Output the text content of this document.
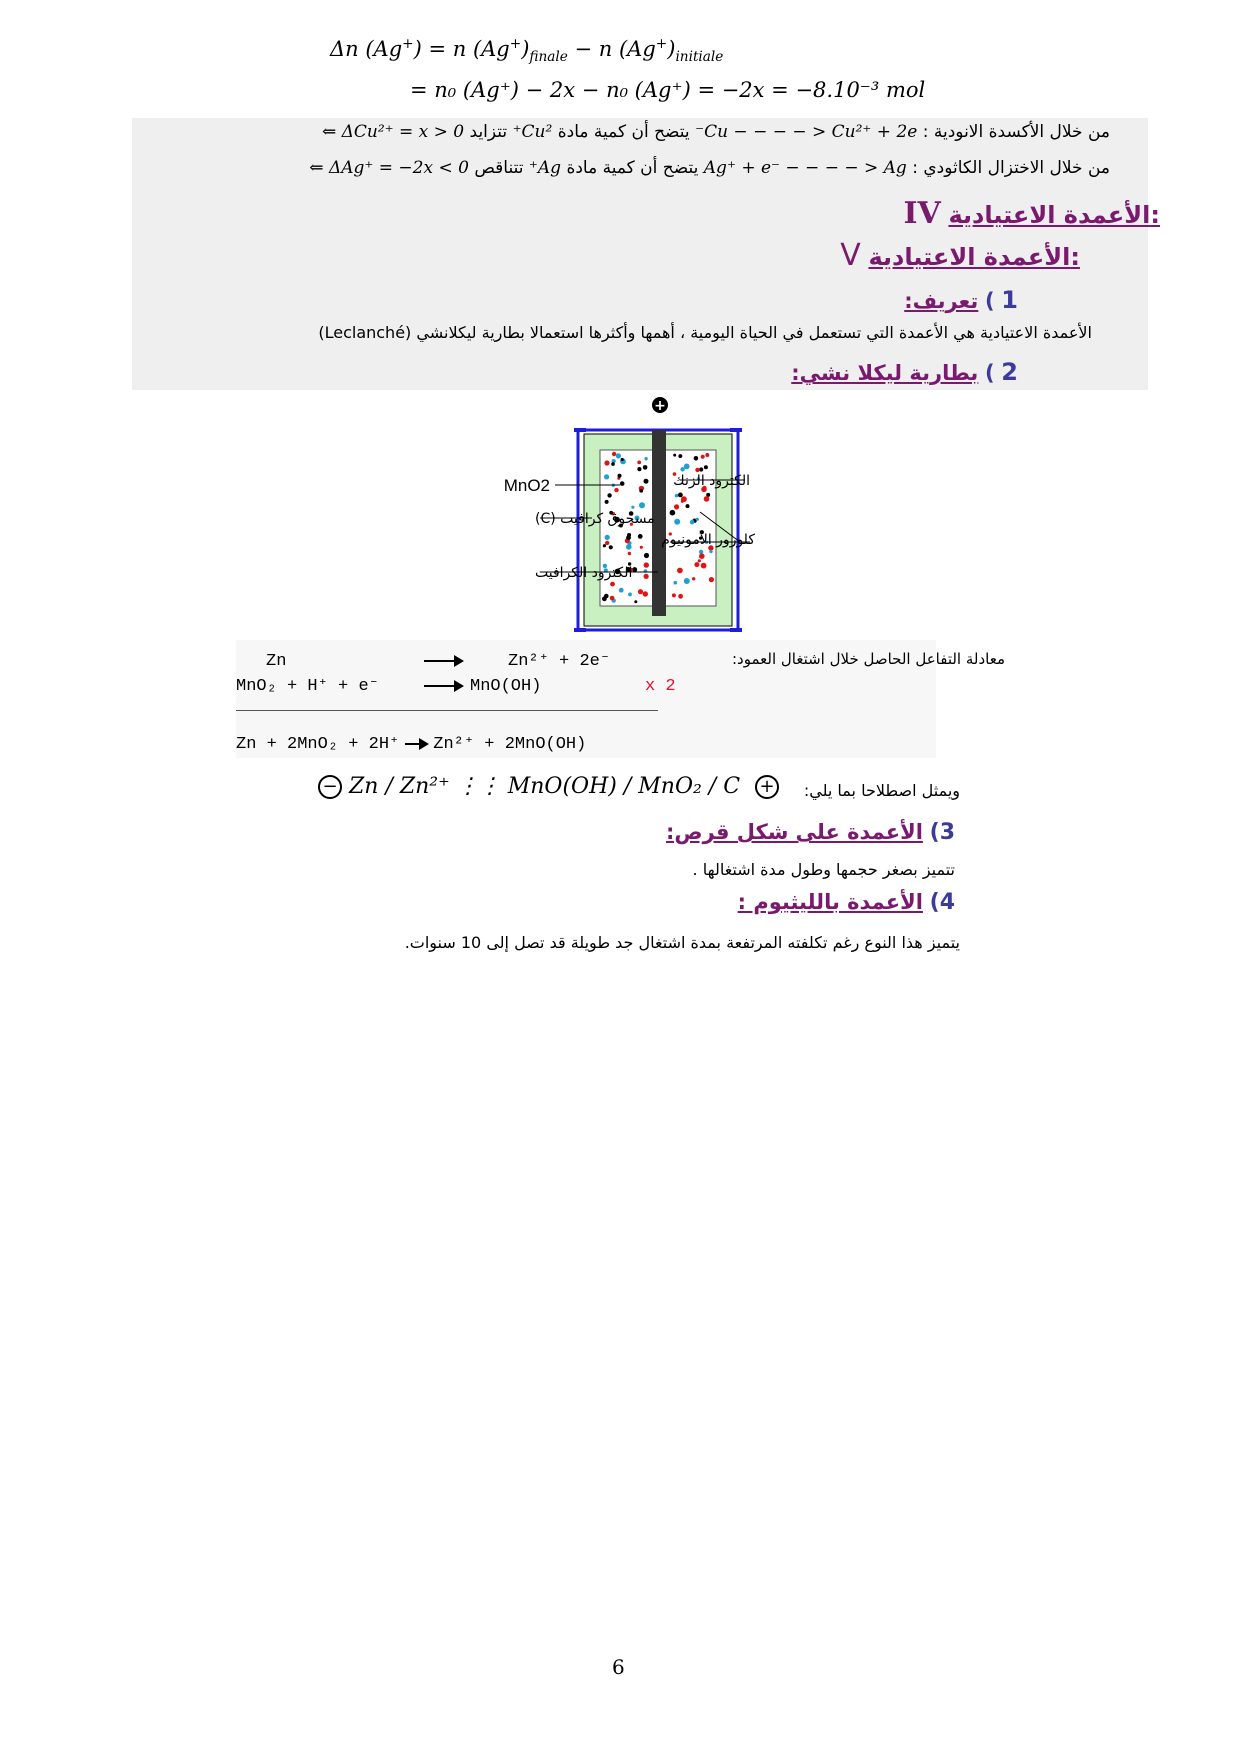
Δn (Ag+) = n $(Ag^+)_{finale} - n$ $(Ag^+)_{initiale}$
= n₀ (Ag⁺) − 2x − n₀ (Ag⁺) = −2x = −8.10⁻³ mol
من خلال الأكسدة الانودية : Cu − − − − > Cu²⁺ + 2e⁻ يتضح أن كمية مادة Cu²⁺ تتزايد ΔCu²⁺ = x > 0 ⇐
من خلال الاختزال الكاثودي : Ag⁺ + e⁻ − − − − > Ag يتضح أن كمية مادة Ag⁺ تتناقص ΔAg⁺ = −2x < 0 ⇐
IV الأعمدة الاعتيادية:
V الأعمدة الاعتيادية:
1 ) تعريف:
الأعمدة الاعتيادية هي الأعمدة التي تستعمل في الحياة اليومية ، أهمها وأكثرها استعمالا بطارية ليكلانشي (Leclanché)
2 ) بطارية ليكلا نشي:
+
MnO2
مسحوق كرافيت (C)
الكترود الكرافيت
الكترود الزنك
كلورور الأمونيوم
معادلة التفاعل الحاصل خلال اشتغال العمود:
Zn	Zn²⁺ + 2e⁻
MnO₂ + H⁺ + e⁻	MnO(OH)	x 2
Zn + 2MnO₂ + 2H⁺ Zn²⁺ + 2MnO(OH)
ويمثل اصطلاحا بما يلي:
− Zn / Zn²⁺ ⋮⋮ MnO(OH) / MnO₂ / C +
3) الأعمدة على شكل قرص:
تتميز بصغر حجمها وطول مدة اشتغالها .
4) الأعمدة بالليثيوم :
يتميز هذا النوع رغم تكلفته المرتفعة بمدة اشتغال جد طويلة قد تصل إلى 10 سنوات.
6
